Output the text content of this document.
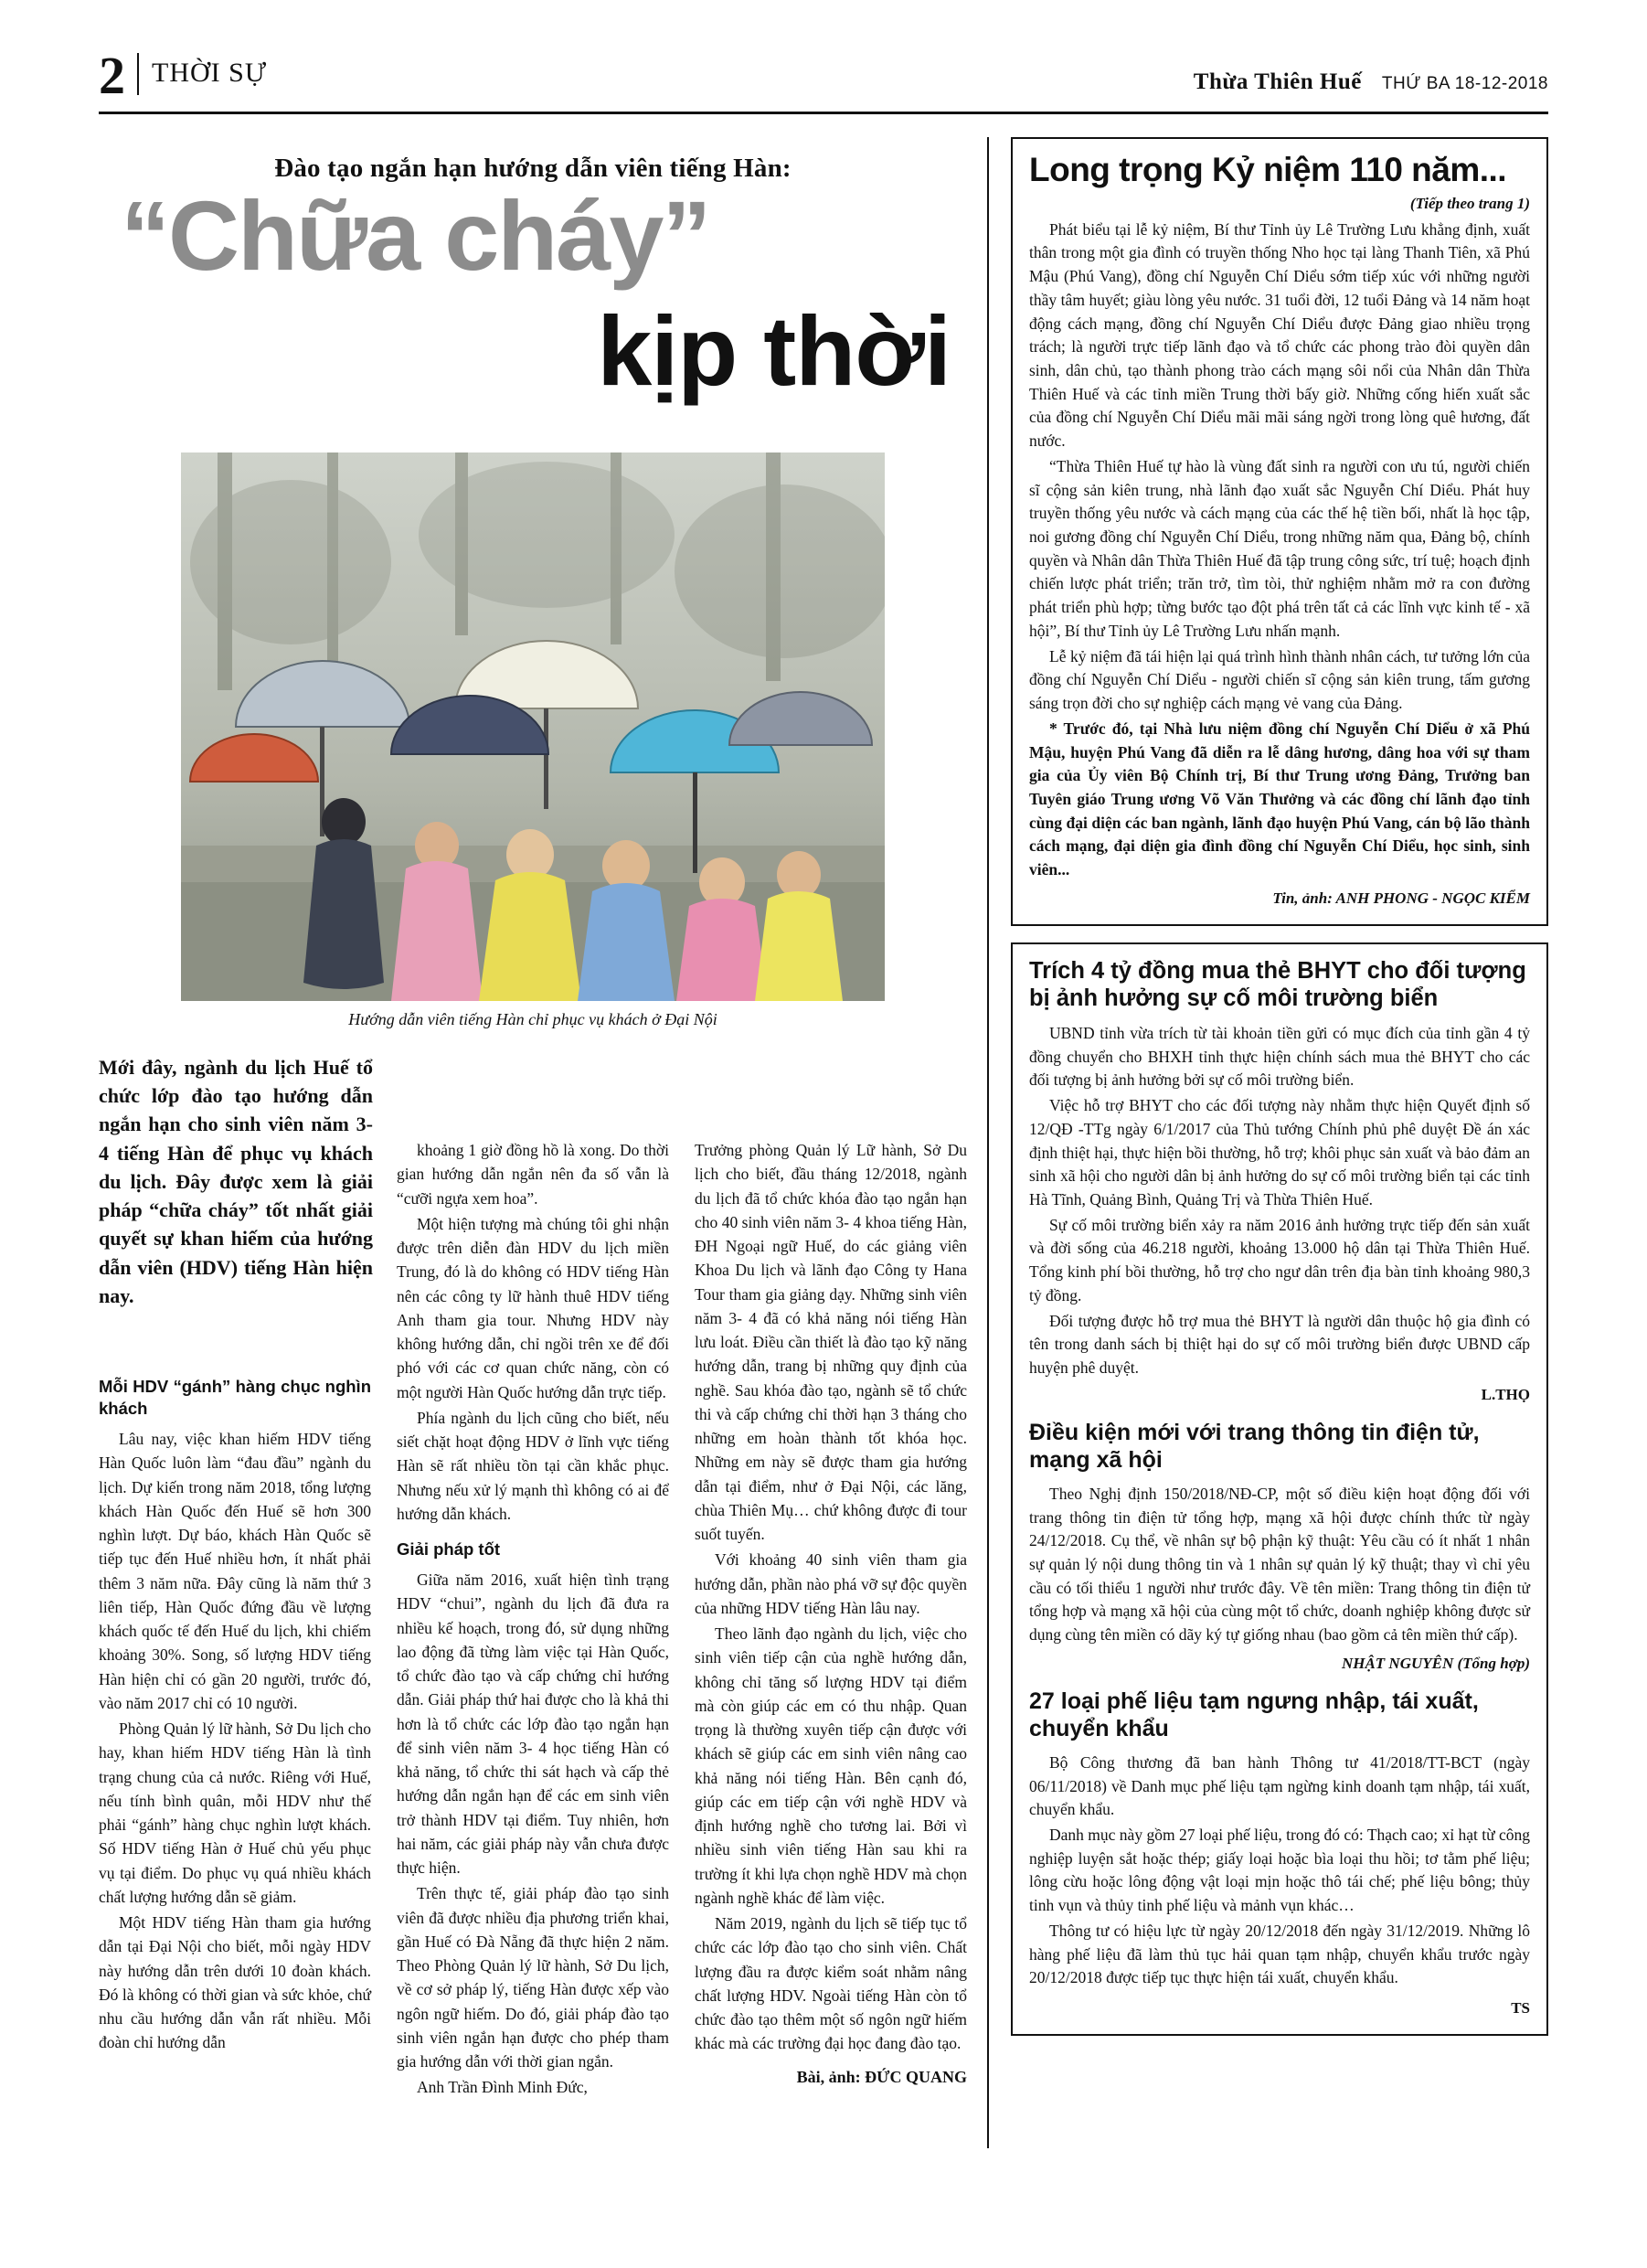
2 THỜI SỰ	Thừa Thiên Huế THỨ BA 18-12-2018
Đào tạo ngắn hạn hướng dẫn viên tiếng Hàn:
“Chữa cháy”
kịp thời
Hướng dẫn viên tiếng Hàn chỉ phục vụ khách ở Đại Nội
Mới đây, ngành du lịch Huế tổ chức lớp đào tạo hướng dẫn ngắn hạn cho sinh viên năm 3- 4 tiếng Hàn để phục vụ khách du lịch. Đây được xem là giải pháp “chữa cháy” tốt nhất giải quyết sự khan hiếm của hướng dẫn viên (HDV) tiếng Hàn hiện nay.
Mỗi HDV “gánh” hàng chục nghìn khách

Lâu nay, việc khan hiếm HDV tiếng Hàn Quốc luôn làm “đau đầu” ngành du lịch. Dự kiến trong năm 2018, tổng lượng khách Hàn Quốc đến Huế sẽ hơn 300 nghìn lượt. Dự báo, khách Hàn Quốc sẽ tiếp tục đến Huế nhiều hơn, ít nhất phải thêm 3 năm nữa. Đây cũng là năm thứ 3 liên tiếp, Hàn Quốc đứng đầu về lượng khách quốc tế đến Huế du lịch, khi chiếm khoảng 30%. Song, số lượng HDV tiếng Hàn hiện chỉ có gần 20 người, trước đó, vào năm 2017 chỉ có 10 người.

Phòng Quản lý lữ hành, Sở Du lịch cho hay, khan hiếm HDV tiếng Hàn là tình trạng chung của cả nước. Riêng với Huế, nếu tính bình quân, mỗi HDV như thế phải “gánh” hàng chục nghìn lượt khách. Số HDV tiếng Hàn ở Huế chủ yếu phục vụ tại điểm. Do phục vụ quá nhiều khách chất lượng hướng dẫn sẽ giảm.

Một HDV tiếng Hàn tham gia hướng dẫn tại Đại Nội cho biết, mỗi ngày HDV này hướng dẫn trên dưới 10 đoàn khách. Đó là không có thời gian và sức khỏe, chứ nhu cầu hướng dẫn vẫn rất nhiều. Mỗi đoàn chỉ hướng dẫn

khoảng 1 giờ đồng hồ là xong. Do thời gian hướng dẫn ngắn nên đa số vẫn là “cưỡi ngựa xem hoa”.

Một hiện tượng mà chúng tôi ghi nhận được trên diễn đàn HDV du lịch miền Trung, đó là do không có HDV tiếng Hàn nên các công ty lữ hành thuê HDV tiếng Anh tham gia tour. Nhưng HDV này không hướng dẫn, chỉ ngồi trên xe để đối phó với các cơ quan chức năng, còn có một người Hàn Quốc hướng dẫn trực tiếp.

Phía ngành du lịch cũng cho biết, nếu siết chặt hoạt động HDV ở lĩnh vực tiếng Hàn sẽ rất nhiều tồn tại cần khắc phục. Nhưng nếu xử lý mạnh thì không có ai để hướng dẫn khách.

Giải pháp tốt

Giữa năm 2016, xuất hiện tình trạng HDV “chui”, ngành du lịch đã đưa ra nhiều kế hoạch, trong đó, sử dụng những lao động đã từng làm việc tại Hàn Quốc, tổ chức đào tạo và cấp chứng chỉ hướng dẫn. Giải pháp thứ hai được cho là khả thi hơn là tổ chức các lớp đào tạo ngắn hạn để sinh viên năm 3- 4 học tiếng Hàn có khả năng, tổ chức thi sát hạch và cấp thẻ hướng dẫn ngắn hạn để các em sinh viên trở thành HDV tại điểm. Tuy nhiên, hơn hai năm, các giải pháp này vẫn chưa được thực hiện.

Trên thực tế, giải pháp đào tạo sinh viên đã được nhiều địa phương triển khai, gần Huế có Đà Nẵng đã thực hiện 2 năm. Theo Phòng Quản lý lữ hành, Sở Du lịch, về cơ sở pháp lý, tiếng Hàn được xếp vào ngôn ngữ hiếm. Do đó, giải pháp đào tạo sinh viên ngắn hạn được cho phép tham gia hướng dẫn với thời gian ngắn.

Anh Trần Đình Minh Đức,

Trưởng phòng Quản lý Lữ hành, Sở Du lịch cho biết, đầu tháng 12/2018, ngành du lịch đã tổ chức khóa đào tạo ngắn hạn cho 40 sinh viên năm 3- 4 khoa tiếng Hàn, ĐH Ngoại ngữ Huế, do các giảng viên Khoa Du lịch và lãnh đạo Công ty Hana Tour tham gia giảng dạy. Những sinh viên năm 3- 4 đã có khả năng nói tiếng Hàn lưu loát. Điều cần thiết là đào tạo kỹ năng hướng dẫn, trang bị những quy định của nghề. Sau khóa đào tạo, ngành sẽ tổ chức thi và cấp chứng chỉ thời hạn 3 tháng cho những em hoàn thành tốt khóa học. Những em này sẽ được tham gia hướng dẫn tại điểm, như ở Đại Nội, các lăng, chùa Thiên Mụ… chứ không được đi tour suốt tuyến.

Với khoảng 40 sinh viên tham gia hướng dẫn, phần nào phá vỡ sự độc quyền của những HDV tiếng Hàn lâu nay.

Theo lãnh đạo ngành du lịch, việc cho sinh viên tiếp cận của nghề hướng dẫn, không chỉ tăng số lượng HDV tại điểm mà còn giúp các em có thu nhập. Quan trọng là thường xuyên tiếp cận được với khách sẽ giúp các em sinh viên nâng cao khả năng nói tiếng Hàn. Bên cạnh đó, giúp các em tiếp cận với nghề HDV và định hướng nghề cho tương lai. Bởi vì nhiều sinh viên tiếng Hàn sau khi ra trường ít khi lựa chọn nghề HDV mà chọn ngành nghề khác để làm việc.

Năm 2019, ngành du lịch sẽ tiếp tục tổ chức các lớp đào tạo cho sinh viên. Chất lượng đầu ra được kiểm soát nhằm nâng chất lượng HDV. Ngoài tiếng Hàn còn tổ chức đào tạo thêm một số ngôn ngữ hiếm khác mà các trường đại học đang đào tạo.

Bài, ảnh: ĐỨC QUANG
Long trọng Kỷ niệm 110 năm...
(Tiếp theo trang 1)

Phát biểu tại lễ kỷ niệm, Bí thư Tỉnh ủy Lê Trường Lưu khẳng định, xuất thân trong một gia đình có truyền thống Nho học tại làng Thanh Tiên, xã Phú Mậu (Phú Vang), đồng chí Nguyễn Chí Diểu sớm tiếp xúc với những người thầy tâm huyết; giàu lòng yêu nước. 31 tuổi đời, 12 tuổi Đảng và 14 năm hoạt động cách mạng, đồng chí Nguyễn Chí Diểu được Đảng giao nhiều trọng trách; là người trực tiếp lãnh đạo và tổ chức các phong trào đòi quyền dân sinh, dân chủ, tạo thành phong trào cách mạng sôi nổi của Nhân dân Thừa Thiên Huế và các tỉnh miền Trung thời bấy giờ. Những cống hiến xuất sắc của đồng chí Nguyễn Chí Diểu mãi mãi sáng ngời trong lòng quê hương, đất nước.

“Thừa Thiên Huế tự hào là vùng đất sinh ra người con ưu tú, người chiến sĩ cộng sản kiên trung, nhà lãnh đạo xuất sắc Nguyễn Chí Diểu. Phát huy truyền thống yêu nước và cách mạng của các thế hệ tiền bối, nhất là học tập, noi gương đồng chí Nguyễn Chí Diểu, trong những năm qua, Đảng bộ, chính quyền và Nhân dân Thừa Thiên Huế đã tập trung công sức, trí tuệ; hoạch định chiến lược phát triển; trăn trở, tìm tòi, thử nghiệm nhằm mở ra con đường phát triển phù hợp; từng bước tạo đột phá trên tất cả các lĩnh vực kinh tế - xã hội”, Bí thư Tỉnh ủy Lê Trường Lưu nhấn mạnh.

Lễ kỷ niệm đã tái hiện lại quá trình hình thành nhân cách, tư tưởng lớn của đồng chí Nguyễn Chí Diểu - người chiến sĩ cộng sản kiên trung, tấm gương sáng trọn đời cho sự nghiệp cách mạng vẻ vang của Đảng.

* Trước đó, tại Nhà lưu niệm đồng chí Nguyễn Chí Diểu ở xã Phú Mậu, huyện Phú Vang đã diễn ra lễ dâng hương, dâng hoa với sự tham gia của Ủy viên Bộ Chính trị, Bí thư Trung ương Đảng, Trưởng ban Tuyên giáo Trung ương Võ Văn Thưởng và các đồng chí lãnh đạo tỉnh cùng đại diện các ban ngành, lãnh đạo huyện Phú Vang, cán bộ lão thành cách mạng, đại diện gia đình đồng chí Nguyễn Chí Diểu, học sinh, sinh viên...

Tin, ảnh: ANH PHONG - NGỌC KIỂM
Trích 4 tỷ đồng mua thẻ BHYT cho đối tượng bị ảnh hưởng sự cố môi trường biển

UBND tỉnh vừa trích từ tài khoản tiền gửi có mục đích của tỉnh gần 4 tỷ đồng chuyển cho BHXH tỉnh thực hiện chính sách mua thẻ BHYT cho các đối tượng bị ảnh hưởng bởi sự cố môi trường biển.

Việc hỗ trợ BHYT cho các đối tượng này nhằm thực hiện Quyết định số 12/QĐ -TTg ngày 6/1/2017 của Thủ tướng Chính phủ phê duyệt Đề án xác định thiệt hại, thực hiện bồi thường, hỗ trợ; khôi phục sản xuất và bảo đảm an sinh xã hội cho người dân bị ảnh hưởng do sự cố môi trường biển tại các tỉnh Hà Tĩnh, Quảng Bình, Quảng Trị và Thừa Thiên Huế.

Sự cố môi trường biển xảy ra năm 2016 ảnh hưởng trực tiếp đến sản xuất và đời sống của 46.218 người, khoảng 13.000 hộ dân tại Thừa Thiên Huế. Tổng kinh phí bồi thường, hỗ trợ cho ngư dân trên địa bàn tỉnh khoảng 980,3 tỷ đồng.

Đối tượng được hỗ trợ mua thẻ BHYT là người dân thuộc hộ gia đình có tên trong danh sách bị thiệt hại do sự cố môi trường biển được UBND cấp huyện phê duyệt.

L.THỌ
Điều kiện mới với trang thông tin điện tử, mạng xã hội

Theo Nghị định 150/2018/NĐ-CP, một số điều kiện hoạt động đối với trang thông tin điện tử tổng hợp, mạng xã hội được chính thức từ ngày 24/12/2018. Cụ thể, về nhân sự bộ phận kỹ thuật: Yêu cầu có ít nhất 1 nhân sự quản lý nội dung thông tin và 1 nhân sự quản lý kỹ thuật; thay vì chỉ yêu cầu có tối thiểu 1 người như trước đây. Về tên miền: Trang thông tin điện tử tổng hợp và mạng xã hội của cùng một tổ chức, doanh nghiệp không được sử dụng cùng tên miền có dãy ký tự giống nhau (bao gồm cả tên miền thứ cấp).

NHẬT NGUYÊN (Tổng hợp)
27 loại phế liệu tạm ngưng nhập, tái xuất, chuyển khẩu

Bộ Công thương đã ban hành Thông tư 41/2018/TT-BCT (ngày 06/11/2018) về Danh mục phế liệu tạm ngừng kinh doanh tạm nhập, tái xuất, chuyển khẩu.

Danh mục này gồm 27 loại phế liệu, trong đó có: Thạch cao; xỉ hạt từ công nghiệp luyện sắt hoặc thép; giấy loại hoặc bìa loại thu hồi; tơ tằm phế liệu; lông cừu hoặc lông động vật loại mịn hoặc thô tái chế; phế liệu bông; thủy tinh vụn và thủy tinh phế liệu và mảnh vụn khác…

Thông tư có hiệu lực từ ngày 20/12/2018 đến ngày 31/12/2019. Những lô hàng phế liệu đã làm thủ tục hải quan tạm nhập, chuyển khẩu trước ngày 20/12/2018 được tiếp tục thực hiện tái xuất, chuyển khẩu.

TS
